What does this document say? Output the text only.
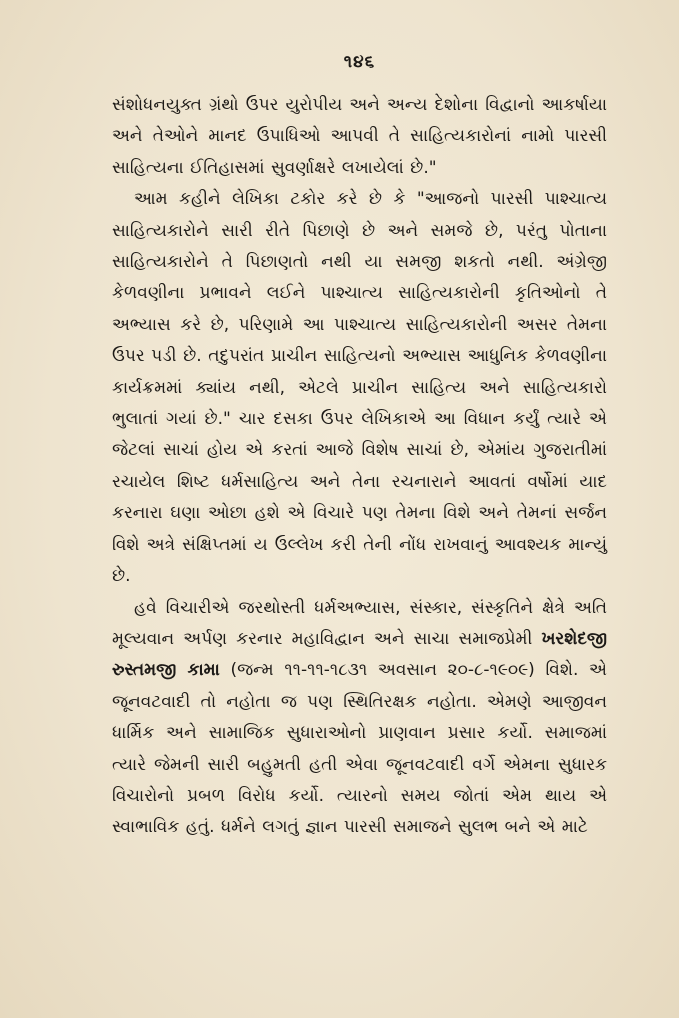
૧૪૬

સંશોધનયુક્ત ગ્રંથો ઉપર યુરોપીય અને અન્ય દેશોના વિદ્વાનો આકર્ષાયા અને તેઓને માનદ ઉપાધિઓ આપવી તે સાહિત્યકારોનાં નામો પારસી સાહિત્યના ઈતિહાસમાં સુવર્ણાક્ષરે લખાયેલાં છે."

આમ કહીને લેખિકા ટકોર કરે છે કે "આજનો પારસી પાશ્ચાત્ય સાહિત્યકારોને સારી રીતે પિછાણે છે અને સમજે છે, પરંતુ પોતાના સાહિત્યકારોને તે પિછાણતો નથી યા સમજી શકતો નથી. અંગ્રેજી કેળવણીના પ્રભાવને લઈને પાશ્ચાત્ય સાહિત્યકારોની કૃતિઓનો તે અભ્યાસ કરે છે, પરિણામે આ પાશ્ચાત્ય સાહિત્યકારોની અસર તેમના ઉપર પડી છે. તદુપરાંત પ્રાચીન સાહિત્યનો અભ્યાસ આધુનિક કેળવણીના કાર્યક્રમમાં ક્યાંય નથી, એટલે પ્રાચીન સાહિત્ય અને સાહિત્યકારો ભુલાતાં ગયાં છે." ચાર દસકા ઉપર લેખિકાએ આ વિધાન કર્યું ત્યારે એ જેટલાં સાચાં હોય એ કરતાં આજે વિશેષ સાચાં છે, એમાંય ગુજરાતીમાં રચાયેલ શિષ્ટ ધર્મસાહિત્ય અને તેના રચનારાને આવતાં વર્ષોમાં યાદ કરનારા ઘણા ઓછા હશે એ વિચારે પણ તેમના વિશે અને તેમનાં સર્જન વિશે અત્રે સંક્ષિપ્તમાં ય ઉલ્લેખ કરી તેની નોંધ રાખવાનું આવશ્યક માન્યું છે.

હવે વિચારીએ જરથોસ્તી ધર્મઅભ્યાસ, સંસ્કાર, સંસ્કૃતિને ક્ષેત્રે અતિ મૂલ્યવાન અર્પણ કરનાર મહાવિદ્વાન અને સાચા સમાજપ્રેમી ખરશેદજી રુસ્તમજી કામા (જન્મ ૧૧-૧૧-૧૮૩૧ અવસાન ૨૦-૮-૧૯૦૯) વિશે. એ જૂનવટવાદી તો નહોતા જ પણ સ્થિતિરક્ષક નહોતા. એમણે આજીવન ધાર્મિક અને સામાજિક સુધારાઓનો પ્રાણવાન પ્રસાર કર્યો. સમાજમાં ત્યારે જેમની સારી બહુમતી હતી એવા જૂનવટવાદી વર્ગે એમના સુધારક વિચારોનો પ્રબળ વિરોધ કર્યો. ત્યારનો સમય જોતાં એમ થાય એ સ્વાભાવિક હતું. ધર્મને લગતું જ્ઞાન પારસી સમાજને સુલભ બને એ માટે
